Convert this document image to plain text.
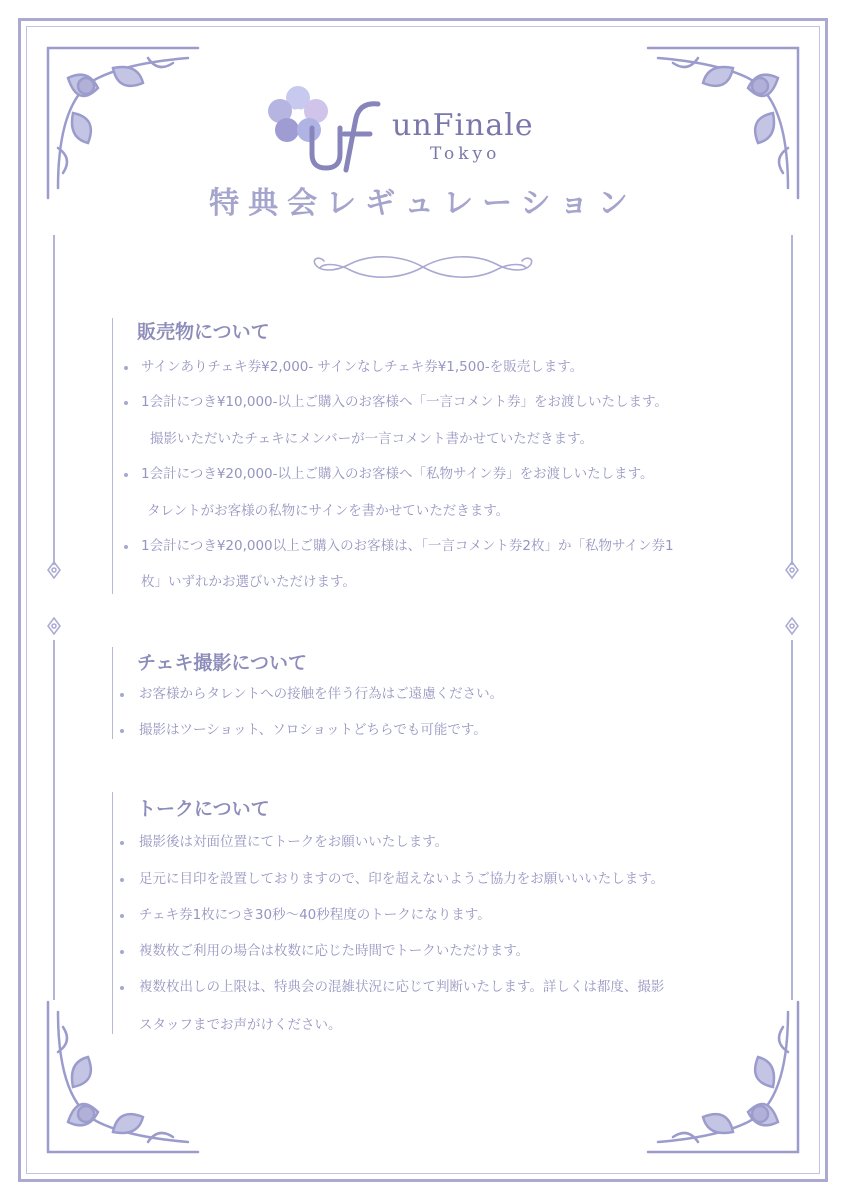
unFinale
Tokyo
特典会レギュレーション
販売物について
サインありチェキ券¥2,000- サインなしチェキ券¥1,500-を販売します。
1会計につき¥10,000-以上ご購入のお客様へ「一言コメント券」をお渡しいたします。
撮影いただいたチェキにメンバーが一言コメント書かせていただきます。
1会計につき¥20,000-以上ご購入のお客様へ「私物サイン券」をお渡しいたします。
タレントがお客様の私物にサインを書かせていただきます。
1会計につき¥20,000以上ご購入のお客様は、「一言コメント券2枚」か「私物サイン券1
枚」いずれかお選びいただけます。
チェキ撮影について
お客様からタレントへの接触を伴う行為はご遠慮ください。
撮影はツーショット、ソロショットどちらでも可能です。
トークについて
撮影後は対面位置にてトークをお願いいたします。
足元に目印を設置しておりますので、印を超えないようご協力をお願いいいたします。
チェキ券1枚につき30秒～40秒程度のトークになります。
複数枚ご利用の場合は枚数に応じた時間でトークいただけます。
複数枚出しの上限は、特典会の混雑状況に応じて判断いたします。詳しくは都度、撮影
スタッフまでお声がけください。
